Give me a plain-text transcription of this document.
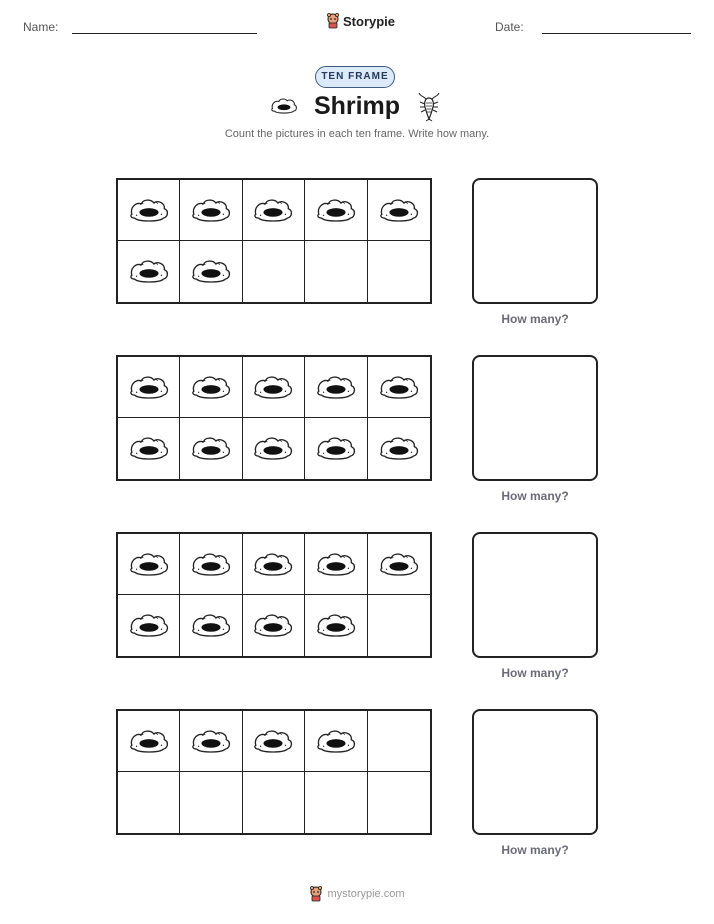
Name:	Storypie	Date:
TEN FRAME
Shrimp
Count the pictures in each ten frame. Write how many.
How many?
How many?
How many?
How many?
mystorypie.com
